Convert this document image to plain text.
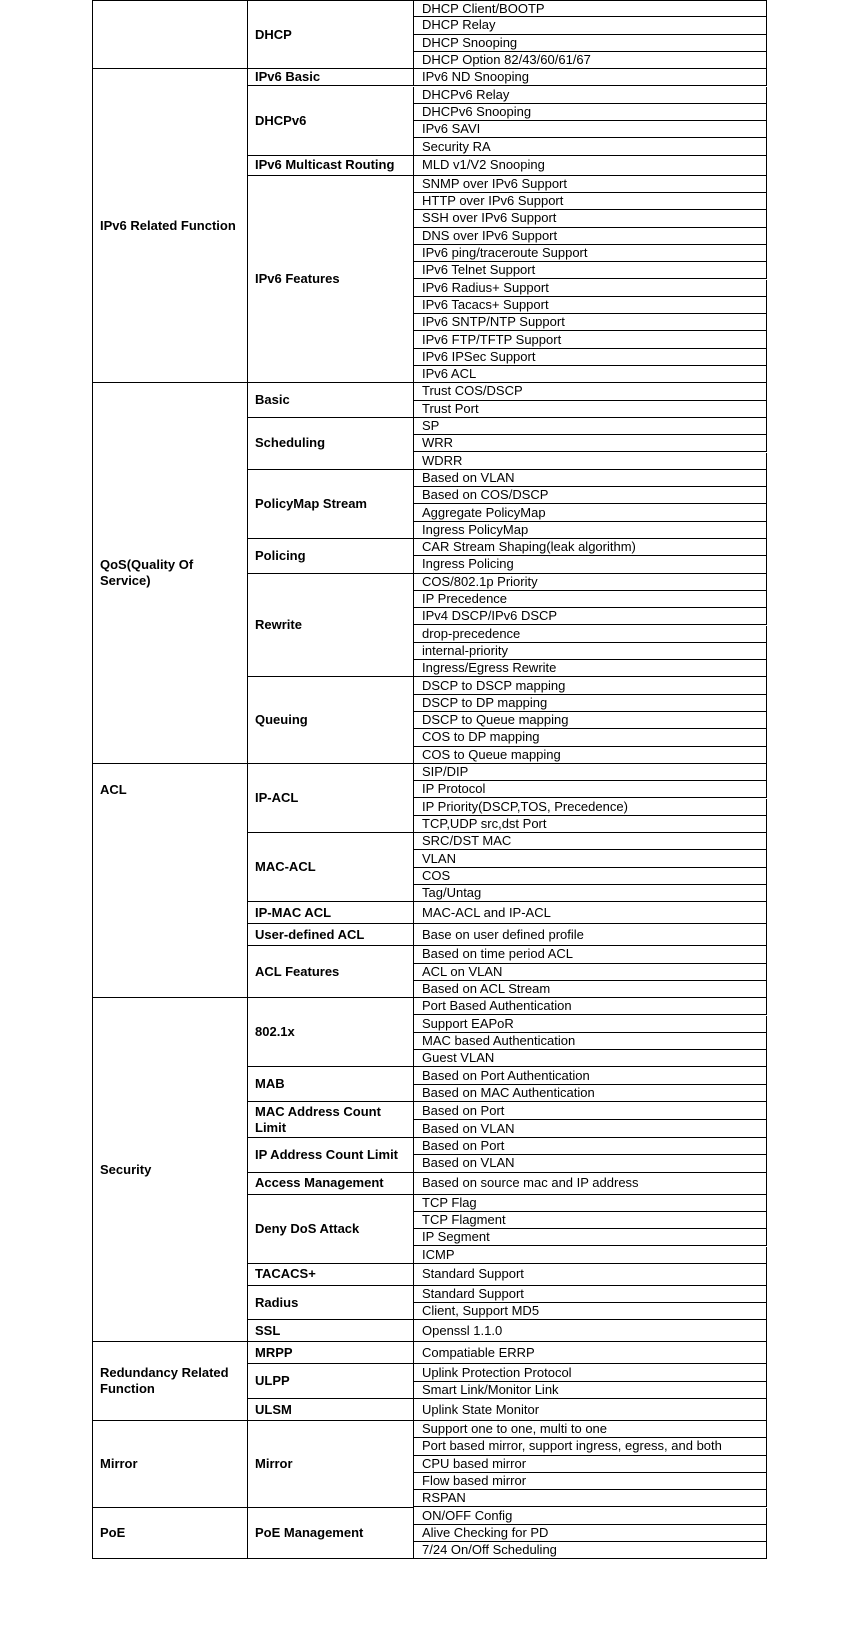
DHCP Client/BOOTP
DHCP Relay
DHCP Snooping
DHCP Option 82/43/60/61/67
DHCP
IPv6 ND Snooping
IPv6 Basic
DHCPv6 Relay
DHCPv6 Snooping
IPv6 SAVI
Security RA
DHCPv6
MLD v1/V2 Snooping
IPv6 Multicast Routing
SNMP over IPv6 Support
HTTP over IPv6 Support
SSH over IPv6 Support
DNS over IPv6 Support
IPv6 ping/traceroute Support
IPv6 Telnet Support
IPv6 Radius+ Support
IPv6 Tacacs+ Support
IPv6 SNTP/NTP Support
IPv6 FTP/TFTP Support
IPv6 IPSec Support
IPv6 ACL
IPv6 Features
IPv6 Related Function
Trust COS/DSCP
Trust Port
Basic
SP
WRR
WDRR
Scheduling
Based on VLAN
Based on COS/DSCP
Aggregate PolicyMap
Ingress PolicyMap
PolicyMap Stream
CAR Stream Shaping(leak algorithm)
Ingress Policing
Policing
COS/802.1p Priority
IP Precedence
IPv4 DSCP/IPv6 DSCP
drop-precedence
internal-priority
Ingress/Egress Rewrite
Rewrite
DSCP to DSCP mapping
DSCP to DP mapping
DSCP to Queue mapping
COS to DP mapping
COS to Queue mapping
Queuing
QoS(Quality Of Service)
SIP/DIP
IP Protocol
IP Priority(DSCP,TOS, Precedence)
TCP,UDP src,dst Port
IP-ACL
SRC/DST MAC
VLAN
COS
Tag/Untag
MAC-ACL
MAC-ACL and IP-ACL
IP-MAC ACL
Base on user defined profile
User-defined ACL
Based on time period ACL
ACL on VLAN
Based on ACL Stream
ACL Features
ACL
Port Based Authentication
Support EAPoR
MAC based Authentication
Guest VLAN
802.1x
Based on Port Authentication
Based on MAC Authentication
MAB
Based on Port
Based on VLAN
MAC Address Count Limit
Based on Port
Based on VLAN
IP Address Count Limit
Based on source mac and IP address
Access Management
TCP Flag
TCP Flagment
IP Segment
ICMP
Deny DoS Attack
Standard Support
TACACS+
Standard Support
Client, Support MD5
Radius
Openssl 1.1.0
SSL
Security
Compatiable ERRP
MRPP
Uplink Protection Protocol
Smart Link/Monitor Link
ULPP
Uplink State Monitor
ULSM
Redundancy Related Function
Support one to one, multi to one
Port based mirror, support ingress, egress, and both
CPU based mirror
Flow based mirror
RSPAN
Mirror
Mirror
ON/OFF Config
Alive Checking for PD
7/24 On/Off Scheduling
PoE Management
PoE
